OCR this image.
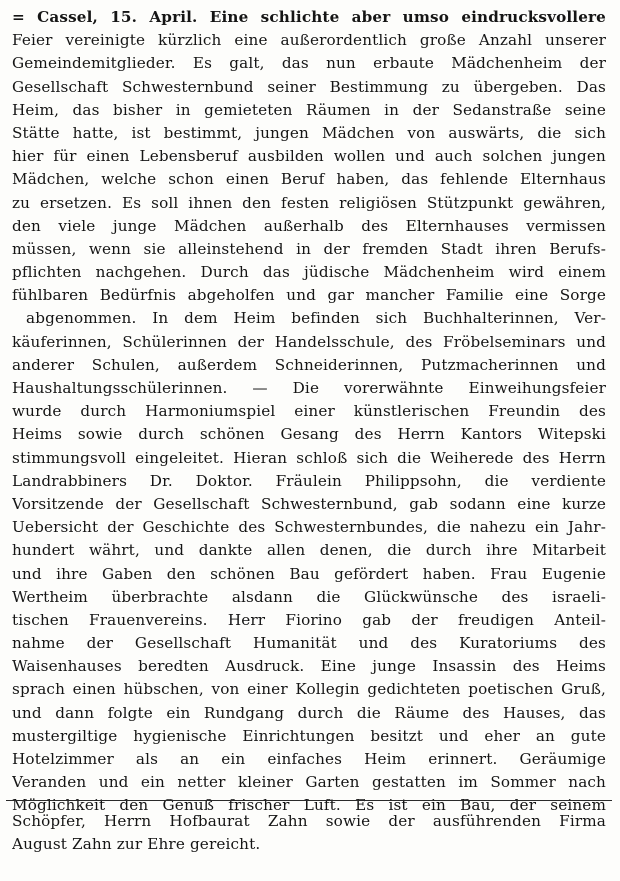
= Cassel, 15. April. Eine schlichte aber umso eindrucksvollere
Feier vereinigte kürzlich eine außerordentlich große Anzahl unserer
Gemeindemitglieder. Es galt, das nun erbaute Mädchenheim der
Gesellschaft Schwesternbund seiner Bestimmung zu übergeben. Das
Heim, das bisher in gemieteten Räumen in der Sedanstraße seine
Stätte hatte, ist bestimmt, jungen Mädchen von auswärts, die sich
hier für einen Lebensberuf ausbilden wollen und auch solchen jungen
Mädchen, welche schon einen Beruf haben, das fehlende Elternhaus
zu ersetzen. Es soll ihnen den festen religiösen Stützpunkt gewähren,
den viele junge Mädchen außerhalb des Elternhauses vermissen
müssen, wenn sie alleinstehend in der fremden Stadt ihren Berufs-
pflichten nachgehen. Durch das jüdische Mädchenheim wird einem
fühlbaren Bedürfnis abgeholfen und gar mancher Familie eine Sorge
abgenommen. In dem Heim befinden sich Buchhalterinnen, Ver-
käuferinnen, Schülerinnen der Handelsschule, des Fröbelseminars und
anderer Schulen, außerdem Schneiderinnen, Putzmacherinnen und
Haushaltungsschülerinnen. — Die vorerwähnte Einweihungsfeier
wurde durch Harmoniumspiel einer künstlerischen Freundin des
Heims sowie durch schönen Gesang des Herrn Kantors Witepski
stimmungsvoll eingeleitet. Hieran schloß sich die Weiherede des Herrn
Landrabbiners Dr. Doktor. Fräulein Philippsohn, die verdiente
Vorsitzende der Gesellschaft Schwesternbund, gab sodann eine kurze
Uebersicht der Geschichte des Schwesternbundes, die nahezu ein Jahr-
hundert währt, und dankte allen denen, die durch ihre Mitarbeit
und ihre Gaben den schönen Bau gefördert haben. Frau Eugenie
Wertheim überbrachte alsdann die Glückwünsche des israeli-
tischen Frauenvereins. Herr Fiorino gab der freudigen Anteil-
nahme der Gesellschaft Humanität und des Kuratoriums des
Waisenhauses beredten Ausdruck. Eine junge Insassin des Heims
sprach einen hübschen, von einer Kollegin gedichteten poetischen Gruß,
und dann folgte ein Rundgang durch die Räume des Hauses, das
mustergiltige hygienische Einrichtungen besitzt und eher an gute
Hotelzimmer als an ein einfaches Heim erinnert. Geräumige
Veranden und ein netter kleiner Garten gestatten im Sommer nach
Möglichkeit den Genuß frischer Luft. Es ist ein Bau, der seinem
Schöpfer, Herrn Hofbaurat Zahn sowie der ausführenden Firma
August Zahn zur Ehre gereicht.
